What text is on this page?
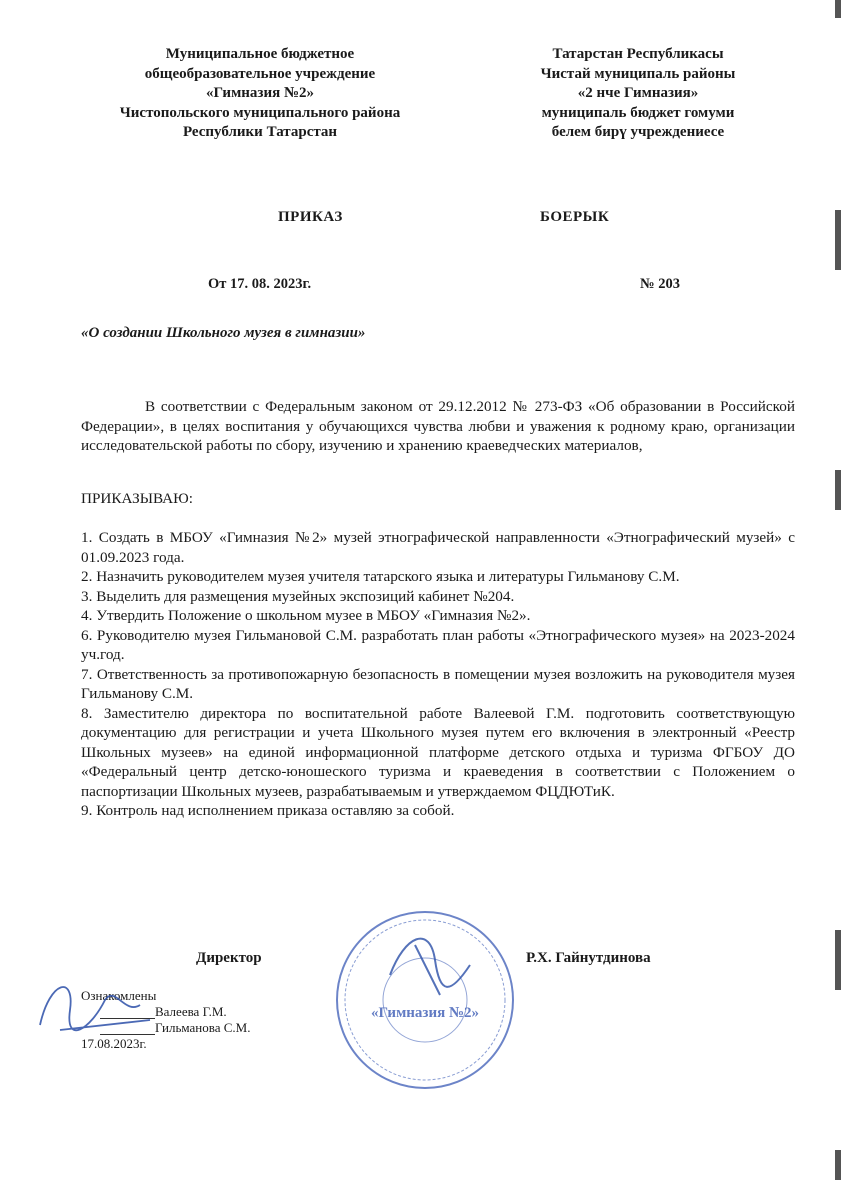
Муниципальное бюджетное
общеобразовательное учреждение
«Гимназия №2»
Чистопольского муниципального района
Республики Татарстан
Татарстан Республикасы
Чистай муниципаль районы
«2 нче Гимназия»
муниципаль бюджет гомуми
белем бирү учреждениесе
ПРИКАЗ	БОЕРЫК
От 17. 08. 2023г.	№ 203
«О создании Школьного музея в гимназии»
В соответствии с Федеральным законом от 29.12.2012 № 273-ФЗ «Об образовании в Российской Федерации», в целях воспитания у обучающихся чувства любви и уважения к родному краю, организации исследовательской работы по сбору, изучению и хранению краеведческих материалов,
ПРИКАЗЫВАЮ:

1. Создать в МБОУ «Гимназия №2» музей этнографической направленности «Этнографический музей» с 01.09.2023 года.

2. Назначить руководителем музея учителя татарского языка и литературы Гильманову С.М.

3. Выделить для размещения музейных экспозиций кабинет №204.

4. Утвердить Положение о школьном музее в МБОУ «Гимназия №2».

6. Руководителю музея Гильмановой С.М. разработать план работы «Этнографического музея» на 2023-2024 уч.год.

7. Ответственность за противопожарную безопасность в помещении музея возложить на руководителя музея Гильманову С.М.

8. Заместителю директора по воспитательной работе Валеевой Г.М. подготовить соответствующую документацию для регистрации и учета Школьного музея путем его включения в электронный «Реестр Школьных музеев» на единой информационной платформе детского отдыха и туризма ФГБОУ ДО «Федеральный центр детско-юношеского туризма и краеведения в соответствии с Положением о паспортизации Школьных музеев, разрабатываемым и утверждаемом ФЦДЮТиК.

9. Контроль над исполнением приказа оставляю за собой.

«Гимназия №2»
Директор	Р.Х. Гайнутдинова
Ознакомлены
Валеева Г.М.
Гильманова С.М.
17.08.2023г.
